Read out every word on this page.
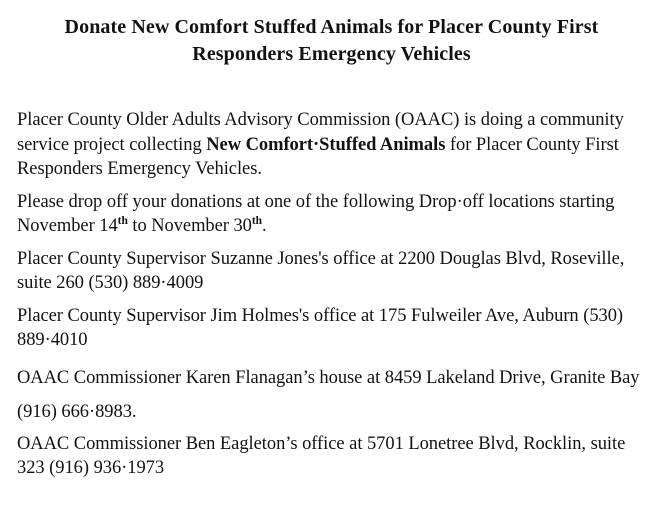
Donate New Comfort Stuffed Animals for Placer County First
Responders Emergency Vehicles

Placer County Older Adults Advisory Commission (OAAC) is doing a community service project collecting New Comfort·Stuffed Animals for Placer County First Responders Emergency Vehicles.

Please drop off your donations at one of the following Drop·off locations starting November 14th to November 30th.

Placer County Supervisor Suzanne Jones's office at 2200 Douglas Blvd, Roseville, suite 260 (530) 889·4009

Placer County Supervisor Jim Holmes's office at 175 Fulweiler Ave, Auburn (530) 889·4010

OAAC Commissioner Karen Flanagan’s house at 8459 Lakeland Drive, Granite Bay (916) 666·8983.

OAAC Commissioner Ben Eagleton’s office at 5701 Lonetree Blvd, Rocklin, suite 323 (916) 936·1973
